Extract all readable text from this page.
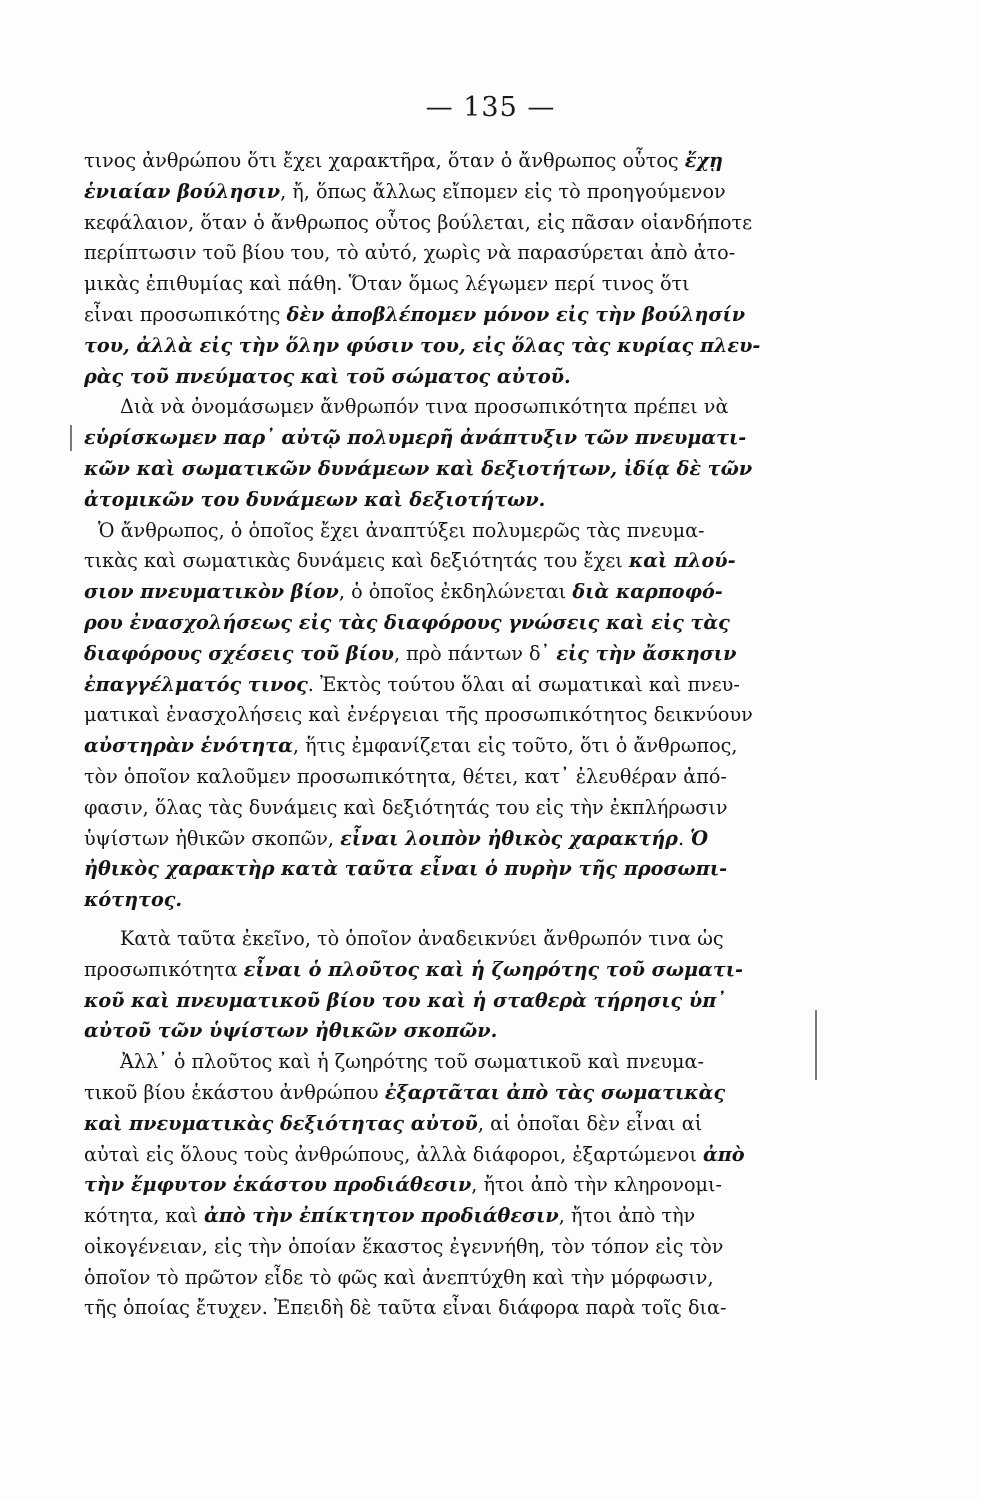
— 135 —
τινος ἀνθρώπου ὅτι ἔχει χαρακτῆρα, ὅταν ὁ ἄνθρωπος οὗτος ἔχῃ
ἑνιαίαν βούλησιν, ἤ, ὅπως ἄλλως εἴπομεν εἰς τὸ προηγούμενον
κεφάλαιον, ὅταν ὁ ἄνθρωπος οὗτος βούλεται, εἰς πᾶσαν οἱανδήποτε
περίπτωσιν τοῦ βίου του, τὸ αὐτό, χωρὶς νὰ παρασύρεται ἀπὸ ἀτο-
μικὰς ἐπιθυμίας καὶ πάθη. Ὅταν ὅμως λέγωμεν περί τινος ὅτι
εἶναι προσωπικότης δὲν ἀποβλέπομεν μόνον εἰς τὴν βούλησίν
του, ἀλλὰ εἰς τὴν ὅλην φύσιν του, εἰς ὅλας τὰς κυρίας πλευ-
ρὰς τοῦ πνεύματος καὶ τοῦ σώματος αὐτοῦ.
Διὰ νὰ ὀνομάσωμεν ἄνθρωπόν τινα προσωπικότητα πρέπει νὰ
εὑρίσκωμεν παρ᾽ αὐτῷ πολυμερῆ ἀνάπτυξιν τῶν πνευματι-
κῶν καὶ σωματικῶν δυνάμεων καὶ δεξιοτήτων, ἰδίᾳ δὲ τῶν
ἀτομικῶν του δυνάμεων καὶ δεξιοτήτων.
Ὁ ἄνθρωπος, ὁ ὁποῖος ἔχει ἀναπτύξει πολυμερῶς τὰς πνευμα-
τικὰς καὶ σωματικὰς δυνάμεις καὶ δεξιότητάς του ἔχει καὶ πλού-
σιον πνευματικὸν βίον, ὁ ὁποῖος ἐκδηλώνεται διὰ καρποφό-
ρου ἐνασχολήσεως εἰς τὰς διαφόρους γνώσεις καὶ εἰς τὰς
διαφόρους σχέσεις τοῦ βίου, πρὸ πάντων δ᾽ εἰς τὴν ἄσκησιν
ἐπαγγέλματός τινος. Ἐκτὸς τούτου ὅλαι αἱ σωματικαὶ καὶ πνευ-
ματικαὶ ἐνασχολήσεις καὶ ἐνέργειαι τῆς προσωπικότητος δεικνύουν
αὐστηρὰν ἑνότητα, ἥτις ἐμφανίζεται εἰς τοῦτο, ὅτι ὁ ἄνθρωπος,
τὸν ὁποῖον καλοῦμεν προσωπικότητα, θέτει, κατ᾽ ἐλευθέραν ἀπό-
φασιν, ὅλας τὰς δυνάμεις καὶ δεξιότητάς του εἰς τὴν ἐκπλήρωσιν
ὑψίστων ἠθικῶν σκοπῶν, εἶναι λοιπὸν ἠθικὸς χαρακτήρ. Ὁ
ἠθικὸς χαρακτὴρ κατὰ ταῦτα εἶναι ὁ πυρὴν τῆς προσωπι-
κότητος.
Κατὰ ταῦτα ἐκεῖνο, τὸ ὁποῖον ἀναδεικνύει ἄνθρωπόν τινα ὡς
προσωπικότητα εἶναι ὁ πλοῦτος καὶ ἡ ζωηρότης τοῦ σωματι-
κοῦ καὶ πνευματικοῦ βίου του καὶ ἡ σταθερὰ τήρησις ὑπ᾽
αὐτοῦ τῶν ὑψίστων ἠθικῶν σκοπῶν.
Ἀλλ᾽ ὁ πλοῦτος καὶ ἡ ζωηρότης τοῦ σωματικοῦ καὶ πνευμα-
τικοῦ βίου ἑκάστου ἀνθρώπου ἐξαρτᾶται ἀπὸ τὰς σωματικὰς
καὶ πνευματικὰς δεξιότητας αὐτοῦ, αἱ ὁποῖαι δὲν εἶναι αἱ
αὐταὶ εἰς ὅλους τοὺς ἀνθρώπους, ἀλλὰ διάφοροι, ἐξαρτώμενοι ἀπὸ
τὴν ἔμφυτον ἑκάστου προδιάθεσιν, ἤτοι ἀπὸ τὴν κληρονομι-
κότητα, καὶ ἀπὸ τὴν ἐπίκτητον προδιάθεσιν, ἤτοι ἀπὸ τὴν
οἰκογένειαν, εἰς τὴν ὁποίαν ἕκαστος ἐγεννήθη, τὸν τόπον εἰς τὸν
ὁποῖον τὸ πρῶτον εἶδε τὸ φῶς καὶ ἀνεπτύχθη καὶ τὴν μόρφωσιν,
τῆς ὁποίας ἔτυχεν. Ἐπειδὴ δὲ ταῦτα εἶναι διάφορα παρὰ τοῖς δια-
